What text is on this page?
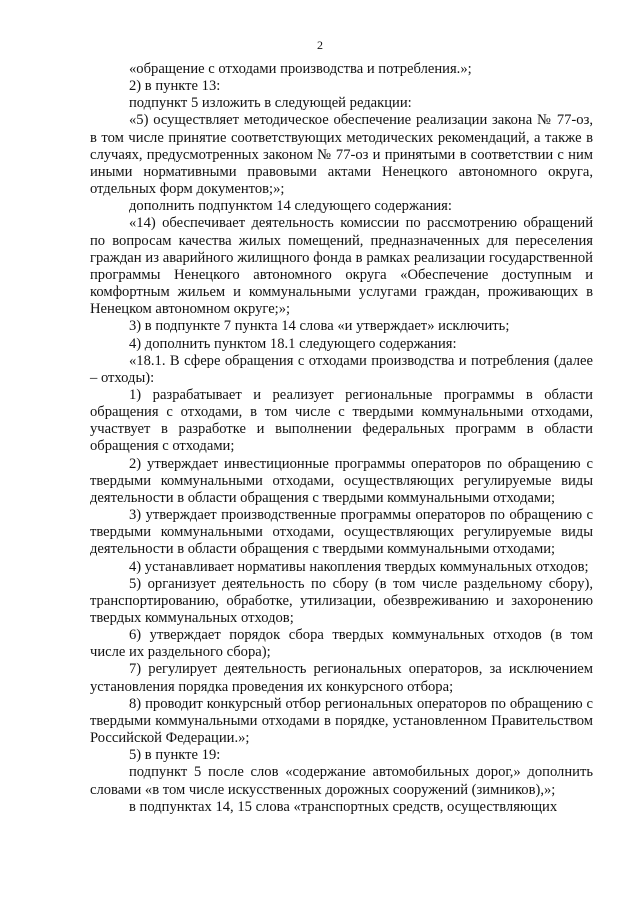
2

«обращение с отходами производства и потребления.»;

2) в пункте 13:

подпункт 5 изложить в следующей редакции:

«5) осуществляет методическое обеспечение реализации закона № 77-оз, в том числе принятие соответствующих методических рекомендаций, а также в случаях, предусмотренных законом № 77-оз и принятыми в соответствии с ним иными нормативными правовыми актами Ненецкого автономного округа, отдельных форм документов;»;

дополнить подпунктом 14 следующего содержания:

«14) обеспечивает деятельность комиссии по рассмотрению обращений по вопросам качества жилых помещений, предназначенных для переселения граждан из аварийного жилищного фонда в рамках реализации государственной программы Ненецкого автономного округа «Обеспечение доступным и комфортным жильем и коммунальными услугами граждан, проживающих в Ненецком автономном округе;»;

3) в подпункте 7 пункта 14 слова «и утверждает» исключить;

4) дополнить пунктом 18.1 следующего содержания:

«18.1. В сфере обращения с отходами производства и потребления (далее – отходы):

1) разрабатывает и реализует региональные программы в области обращения с отходами, в том числе с твердыми коммунальными отходами, участвует в разработке и выполнении федеральных программ в области обращения с отходами;

2) утверждает инвестиционные программы операторов по обращению с твердыми коммунальными отходами, осуществляющих регулируемые виды деятельности в области обращения с твердыми коммунальными отходами;

3) утверждает производственные программы операторов по обращению с твердыми коммунальными отходами, осуществляющих регулируемые виды деятельности в области обращения с твердыми коммунальными отходами;

4) устанавливает нормативы накопления твердых коммунальных отходов;

5) организует деятельность по сбору (в том числе раздельному сбору), транспортированию, обработке, утилизации, обезвреживанию и захоронению твердых коммунальных отходов;

6) утверждает порядок сбора твердых коммунальных отходов (в том числе их раздельного сбора);

7) регулирует деятельность региональных операторов, за исключением установления порядка проведения их конкурсного отбора;

8) проводит конкурсный отбор региональных операторов по обращению с твердыми коммунальными отходами в порядке, установленном Правительством Российской Федерации.»;

5) в пункте 19:

подпункт 5 после слов «содержание автомобильных дорог,» дополнить словами «в том числе искусственных дорожных сооружений (зимников),»;

в подпунктах 14, 15 слова «транспортных средств, осуществляющих
